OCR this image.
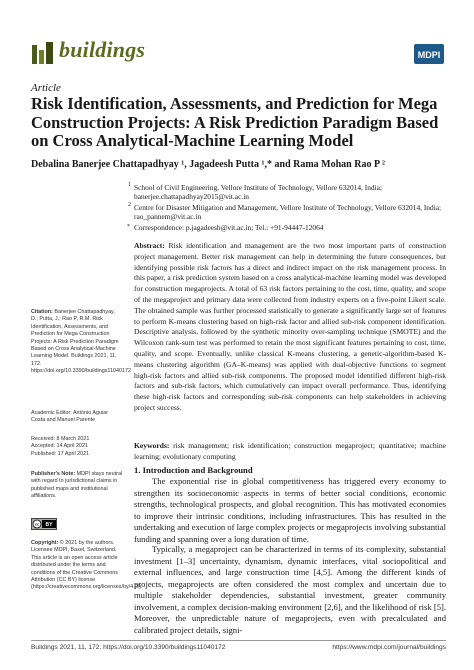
buildings	MDPI
Article
Risk Identification, Assessments, and Prediction for Mega Construction Projects: A Risk Prediction Paradigm Based on Cross Analytical-Machine Learning Model
Debalina Banerjee Chattapadhyay ¹, Jagadeesh Putta ¹,* and Rama Mohan Rao P ²
1 School of Civil Engineering, Vellore Institute of Technology, Vellore 632014, India; banerjee.chattapadhyay2015@vit.ac.in
2 Centre for Disaster Mitigation and Management, Vellore Institute of Technology, Vellore 632014, India; rao_pannem@vit.ac.in
* Correspondence: p.jagadeesh@vit.ac.in; Tel.: +91-94447-12064
Abstract: Risk identification and management are the two most important parts of construction project management. Better risk management can help in determining the future consequences, but identifying possible risk factors has a direct and indirect impact on the risk management process. In this paper, a risk prediction system based on a cross analytical-machine learning model was developed for construction megaprojects. A total of 63 risk factors pertaining to the cost, time, quality, and scope of the megaproject and primary data were collected from industry experts on a five-point Likert scale. The obtained sample was further processed statistically to generate a significantly large set of features to perform K-means clustering based on high-risk factor and allied sub-risk component identification. Descriptive analysis, followed by the synthetic minority over-sampling technique (SMOTE) and the Wilcoxon rank-sum test was performed to retain the most significant features pertaining to cost, time, quality, and scope. Eventually, unlike classical K-means clustering, a genetic-algorithm-based K-means clustering algorithm (GA–K-means) was applied with dual-objective functions to segment high-risk factors and allied sub-risk components. The proposed model identified different high-risk factors and sub-risk factors, which cumulatively can impact overall performance. Thus, identifying these high-risk factors and corresponding sub-risk components can help stakeholders in achieving project success.
Keywords: risk management; risk identification; construction megaproject; quantitative; machine learning; evolutionary computing
Citation: Banerjee Chattapadhyay, D.; Putta, J.; Rao P, R.M. Risk Identification, Assessments, and Prediction for Mega Construction Projects: A Risk Prediction Paradigm Based on Cross Analytical-Machine Learning Model. Buildings 2021, 11, 172. https://doi.org/10.3390/buildings11040172
Academic Editor: António Aguiar Costa and Manuel Parente
Received: 8 March 2021
Accepted: 14 April 2021
Published: 17 April 2021
Publisher's Note: MDPI stays neutral with regard to jurisdictional claims in published maps and institutional affiliations.
cc BY
Copyright: © 2021 by the authors. Licensee MDPI, Basel, Switzerland. This article is an open access article distributed under the terms and conditions of the Creative Commons Attribution (CC BY) license (https://creativecommons.org/licenses/by/4.0/).
1. Introduction and Background
The exponential rise in global competitiveness has triggered every economy to strengthen its socioeconomic aspects in terms of better social conditions, economic strengths, technological prospects, and global recognition. This has motivated economies to improve their intrinsic conditions, including infrastructures. This has resulted in the undertaking and execution of large complex projects or megaprojects involving substantial funding and spanning over a long duration of time.
Typically, a megaproject can be characterized in terms of its complexity, substantial investment [1–3] uncertainty, dynamism, dynamic interfaces, vital sociopolitical and external influences, and large construction time [4,5]. Among the different kinds of projects, megaprojects are often considered the most complex and uncertain due to multiple stakeholder dependencies, substantial investment, greater community involvement, a complex decision-making environment [2,6], and the likelihood of risk [5]. Moreover, the unpredictable nature of megaprojects, even with precalculated and calibrated project details, signi-
Buildings 2021, 11, 172. https://doi.org/10.3390/buildings11040172	https://www.mdpi.com/journal/buildings
